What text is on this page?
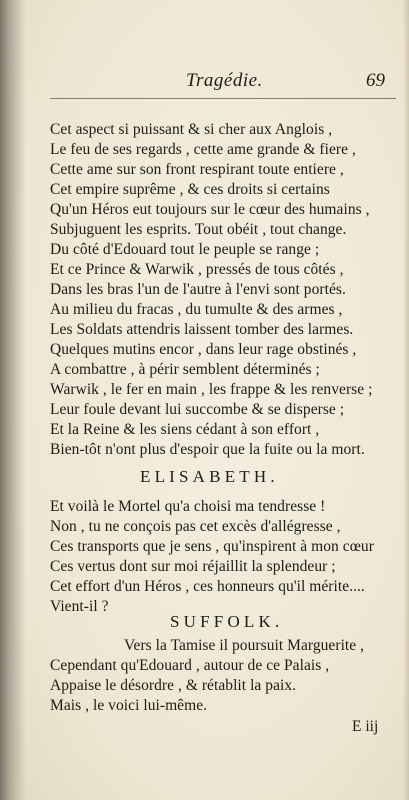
Tragédie.	69
Cet aspect si puissant & si cher aux Anglois ,
Le feu de ses regards , cette ame grande & fiere ,
Cette ame sur son front respirant toute entiere ,
Cet empire suprême , & ces droits si certains
Qu'un Héros eut toujours sur le cœur des humains ,
Subjuguent les esprits. Tout obéit , tout change.
Du côté d'Edouard tout le peuple se range ;
Et ce Prince & Warwik , pressés de tous côtés ,
Dans les bras l'un de l'autre à l'envi sont portés.
Au milieu du fracas , du tumulte & des armes ,
Les Soldats attendris laissent tomber des larmes.
Quelques mutins encor , dans leur rage obstinés ,
A combattre , à périr semblent déterminés ;
Warwik , le fer en main , les frappe & les renverse ;
Leur foule devant lui succombe & se disperse ;
Et la Reine & les siens cédant à son effort ,
Bien-tôt n'ont plus d'espoir que la fuite ou la mort.
ELISABETH.
Et voilà le Mortel qu'a choisi ma tendresse !
Non , tu ne conçois pas cet excès d'allégresse ,
Ces transports que je sens , qu'inspirent à mon cœur
Ces vertus dont sur moi réjaillit la splendeur ;
Cet effort d'un Héros , ces honneurs qu'il mérite....
Vient-il ?
SUFFOLK.
Vers la Tamise il poursuit Marguerite ,
Cependant qu'Edouard , autour de ce Palais ,
Appaise le désordre , & rétablit la paix.
Mais , le voici lui-même.
E iij
